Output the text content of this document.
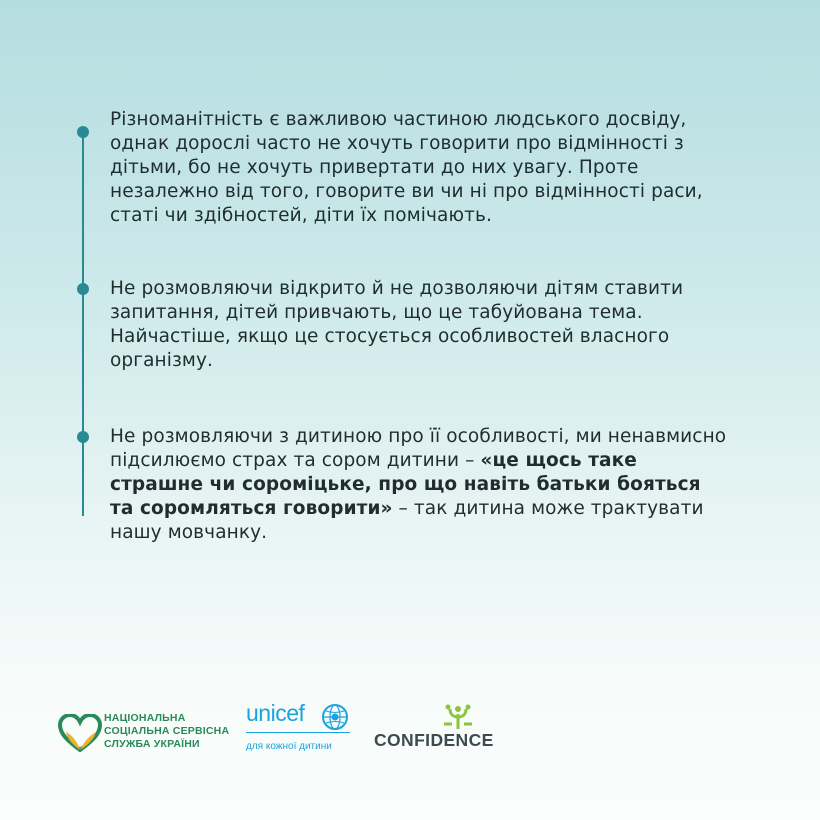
Різноманітність є важливою частиною людського досвіду, однак дорослі часто не хочуть говорити про відмінності з дітьми, бо не хочуть привертати до них увагу. Проте незалежно від того, говорите ви чи ні про відмінності раси, статі чи здібностей, діти їх помічають.
Не розмовляючи відкрито й не дозволяючи дітям ставити запитання, дітей привчають, що це табуйована тема. Найчастіше, якщо це стосується особливостей власного організму.
Не розмовляючи з дитиною про її особливості, ми ненавмисно підсилюємо страх та сором дитини – «це щось таке страшне чи сороміцьке, про що навіть батьки бояться та соромляться говорити» – так дитина може трактувати нашу мовчанку.
НАЦІОНАЛЬНА
СОЦІАЛЬНА СЕРВІСНА
СЛУЖБА УКРАЇНИ
unicef
для кожної дитини CONFIDENCE
